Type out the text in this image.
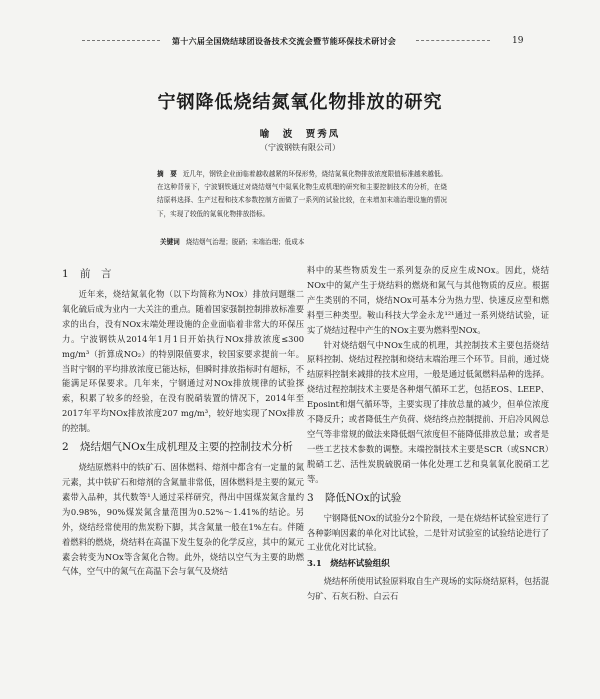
第十六届全国烧结球团设备技术交流会暨节能环保技术研讨会	19
宁钢降低烧结氮氧化物排放的研究
喻　波　贾秀凤
（宁波钢铁有限公司）
摘　要 近几年，钢铁企业面临着越收越紧的环保形势，烧结氮氧化物排放浓度限值标准越来越低。在这种背景下，宁波钢铁通过对烧结烟气中氮氧化物生成机理的研究和主要控制技术的分析，在烧结原料选择、生产过程和技术参数控制方面做了一系列的试验比较，在未增加末端治理设施的情况下，实现了较低的氮氧化物排放指标。
关键词 烧结烟气治理；脱硝；末端治理；低成本
1 前　言

近年来，烧结氮氧化物（以下均简称为NOx）排放问题继二氧化硫后成为业内一大关注的重点。随着国家强制控制排放标准要求的出台，没有NOx末端处理设施的企业面临着非常大的环保压力。宁波钢铁从2014年1月1日开始执行NOx排放浓度≤300 mg/m³（折算成NO₂）的特别限值要求，较国家要求提前一年。当时宁钢的平均排放浓度已能达标，但瞬时排放指标时有超标，不能满足环保要求。几年来，宁钢通过对NOx排放规律的试验探索，积累了较多的经验，在没有脱硝装置的情况下，2014年至2017年平均NOx排放浓度207 mg/m³，较好地实现了NOx排放的控制。

2 烧结烟气NOx生成机理及主要的控制技术分析

烧结原燃料中的铁矿石、固体燃料、熔剂中都含有一定量的氮元素，其中铁矿石和熔剂的含氮量非常低，固体燃料是主要的氮元素带入品种，其代数等¹人通过采样研究，得出中国煤炭氮含量约为0.98%，90%煤炭氮含量范围为0.52%～1.41%的结论。另外，烧结经常使用的焦炭粉下脚，其含氮量一般在1%左右。伴随着燃料的燃烧，烧结料在高温下发生复杂的化学反应，其中的氮元素会转变为NOx等含氮化合物。此外，烧结以空气为主要的助燃气体，空气中的氮气在高温下会与氧气及烧结

料中的某些物质发生一系列复杂的反应生成NOx。因此，烧结NOx中的氮产生于烧结料的燃烧和氮气与其他物质的反应。根据产生类别的不同，烧结NOx可基本分为热力型、快速反应型和燃料型三种类型。鞍山科技大学金永龙¹²¹通过一系列烧结试验，证实了烧结过程中产生的NOx主要为燃料型NOx。

针对烧结烟气中NOx生成的机理，其控制技术主要包括烧结原料控制、烧结过程控制和烧结末端治理三个环节。目前，通过烧结原料控制来减排的技术应用，一般是通过低氮燃料品种的选择。烧结过程控制技术主要是各种烟气循环工艺，包括EOS、LEEP、Eposint和烟气循环等，主要实现了排放总量的减少，但单位浓度不降反升；或者降低生产负荷、烧结终点控制提前、开启冷风阀总空气等非常规的做法来降低烟气浓度但不能降低排放总量；或者是一些工艺技术参数的调整。末端控制技术主要是SCR（或SNCR）脱硝工艺、活性炭脱硫脱硝一体化处理工艺和臭氧氧化脱硝工艺等。

3 降低NOx的试验

宁钢降低NOx的试验分2个阶段，一是在烧结杯试验室进行了各种影响因素的单化对比试验，二是针对试验室的试验结论进行了工业优化对比试验。

3.1　烧结杯试验组织

烧结杯所使用试验原料取自生产现场的实际烧结原料，包括混匀矿、石灰石粉、白云石
